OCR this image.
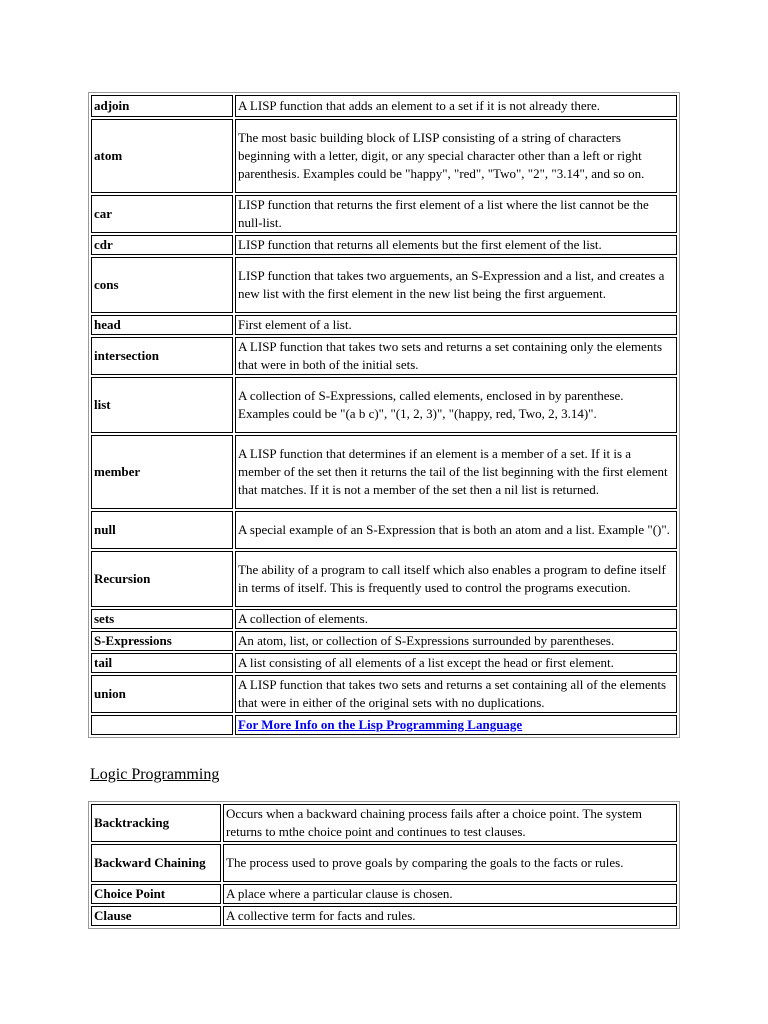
adjoin	A LISP function that adds an element to a set if it is not already there.
atom	The most basic building block of LISP consisting of a string of characters beginning with a letter, digit, or any special character other than a left or right parenthesis. Examples could be "happy", "red", "Two", "2", "3.14", and so on.
car	LISP function that returns the first element of a list where the list cannot be the null-list.
cdr	LISP function that returns all elements but the first element of the list.
cons	LISP function that takes two arguements, an S-Expression and a list, and creates a new list with the first element in the new list being the first arguement.
head	First element of a list.
intersection	A LISP function that takes two sets and returns a set containing only the elements that were in both of the initial sets.
list	A collection of S-Expressions, called elements, enclosed in by parenthese. Examples could be "(a b c)", "(1, 2, 3)", "(happy, red, Two, 2, 3.14)".
member	A LISP function that determines if an element is a member of a set. If it is a member of the set then it returns the tail of the list beginning with the first element that matches. If it is not a member of the set then a nil list is returned.
null	A special example of an S-Expression that is both an atom and a list. Example "()".
Recursion	The ability of a program to call itself which also enables a program to define itself in terms of itself. This is frequently used to control the programs execution.
sets	A collection of elements.
S-Expressions	An atom, list, or collection of S-Expressions surrounded by parentheses.
tail	A list consisting of all elements of a list except the head or first element.
union	A LISP function that takes two sets and returns a set containing all of the elements that were in either of the original sets with no duplications.
	For More Info on the Lisp Programming Language
Logic Programming
Backtracking	Occurs when a backward chaining process fails after a choice point. The system returns to mthe choice point and continues to test clauses.
Backward Chaining	The process used to prove goals by comparing the goals to the facts or rules.
Choice Point	A place where a particular clause is chosen.
Clause	A collective term for facts and rules.
